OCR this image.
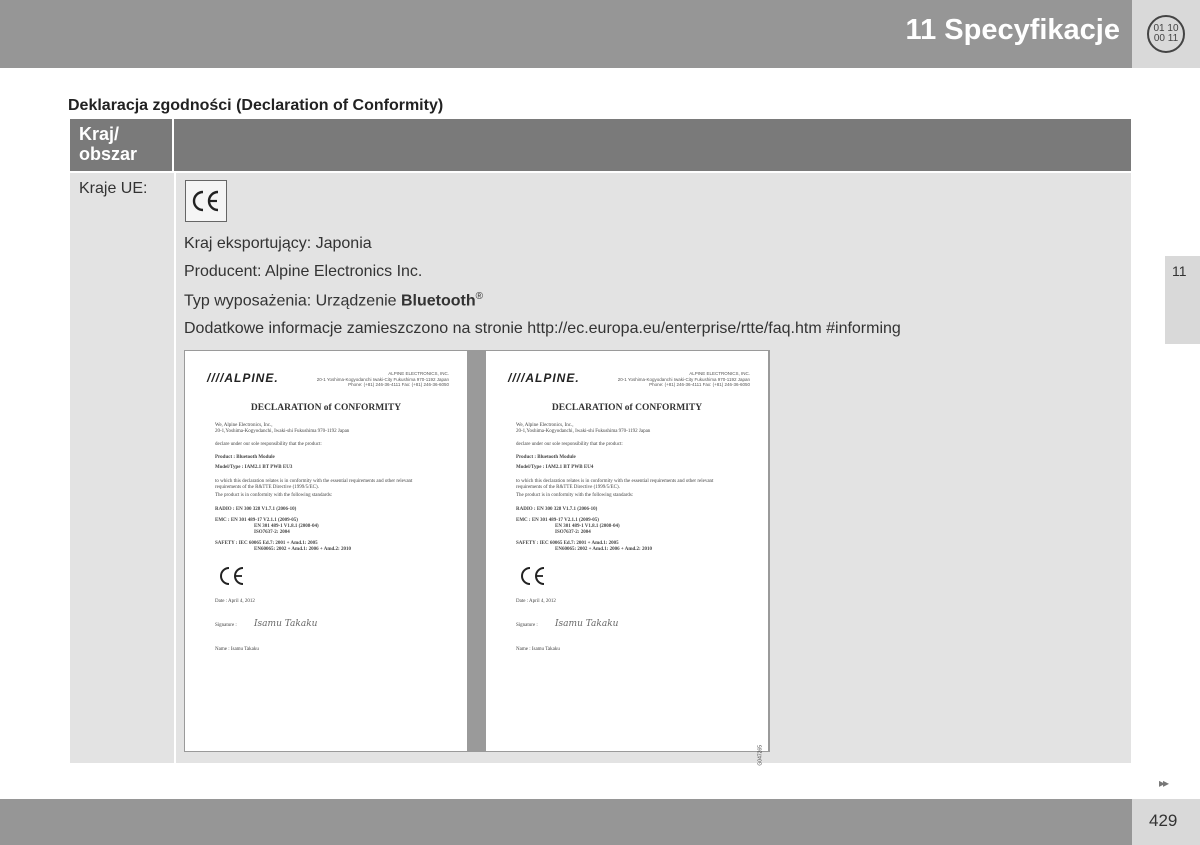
11 Specyfikacje	01 10
00 11
Deklaracja zgodności (Declaration of Conformity)
Kraj/
obszar
Kraje UE:
Kraj eksportujący: Japonia
Producent: Alpine Electronics Inc.
Typ wyposażenia: Urządzenie Bluetooth®
Dodatkowe informacje zamieszczono na stronie http://ec.europa.eu/enterprise/rtte/faq.htm #informing
////ALPINE.	ALPINE ELECTRONICS, INC.
20-1 Yoshima-Kogyodanchi Iwaki-City Fukushima 970-1192 Japan
Phone: (+81) 246-36-4111 Fax: (+81) 246-36-6050
DECLARATION of CONFORMITY
We, Alpine Electronics, Inc.,
20-1,Yoshima-Kogyodanchi, Iwaki-shi Fukushima 970-1192 Japan
declare under our sole responsibility that the product:
Product : Bluetooth Module
Model/Type : IAM2.1 BT PWB EU3
to which this declaration relates is in conformity with the essential requirements and other relevant requirements of the R&TTE Directive (1999/5/EC).
The product is in conformity with the following standards:
RADIO : EN 300 328 V1.7.1 (2006-10)
EMC : EN 301 489-17 V2.1.1 (2009-05)
EN 301 489-1 V1.8.1 (2008-04)
ISO7637-2: 2004
SAFETY : IEC 60065 Ed.7: 2001 + Amd.1: 2005
EN60065: 2002 + Amd.1: 2006 + Amd.2: 2010
Date : April 4, 2012
Signature : Isamu Takaku
Name : Isamu Takaku
////ALPINE.	ALPINE ELECTRONICS, INC.
20-1 Yoshima-Kogyodanchi Iwaki-City Fukushima 970-1192 Japan
Phone: (+81) 246-36-4111 Fax: (+81) 246-36-6050
DECLARATION of CONFORMITY
We, Alpine Electronics, Inc.,
20-1,Yoshima-Kogyodanchi, Iwaki-shi Fukushima 970-1192 Japan
declare under our sole responsibility that the product:
Product : Bluetooth Module
Model/Type : IAM2.1 BT PWB EU4
to which this declaration relates is in conformity with the essential requirements and other relevant requirements of the R&TTE Directive (1999/5/EC).
The product is in conformity with the following standards:
RADIO : EN 300 328 V1.7.1 (2006-10)
EMC : EN 301 489-17 V2.1.1 (2009-05)
EN 301 489-1 V1.8.1 (2008-04)
ISO7637-2: 2004
SAFETY : IEC 60065 Ed.7: 2001 + Amd.1: 2005
EN60065: 2002 + Amd.1: 2006 + Amd.2: 2010
Date : April 4, 2012
Signature : Isamu Takaku
Name : Isamu Takaku
G047265
11
▸▸
429
